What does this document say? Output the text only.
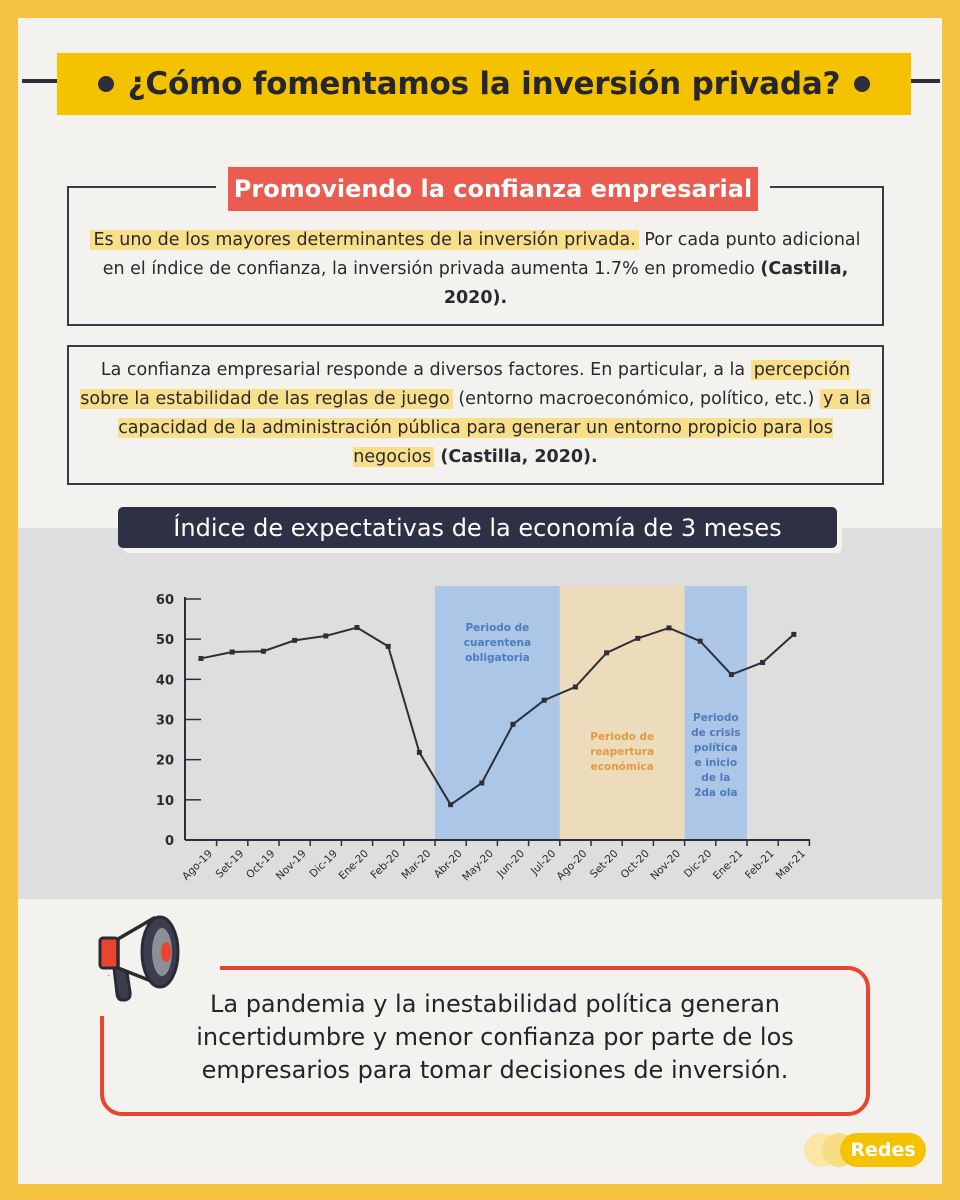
¿Cómo fomentamos la inversión privada?

Es uno de los mayores determinantes de la inversión privada. Por cada punto adicional en el índice de confianza, la inversión privada aumenta 1.7% en promedio (Castilla, 2020).

Promoviendo la confianza empresarial

La confianza empresarial responde a diversos factores. En particular, a la percepción sobre la estabilidad de las reglas de juego (entorno macroeconómico, político, etc.) y a la capacidad de la administración pública para generar un entorno propicio para los negocios (Castilla, 2020).

Periodo de
cuarentena
obligatoria
Periodo de
reapertura
económica
Periodo
de crisis
política
e inicio
de la
2da ola
0
10
20
30
40
50
60
Ago-19
Set-19
Oct-19
Nov-19
Dic-19
Ene-20
Feb-20
Mar-20
Abr-20
May-20
Jun-20 Jul-20
Ago-20
Set-20
Oct-20
Nov-20
Dic-20
Ene-21
Feb-21
Mar-21
Índice de expectativas de la economía de 3 meses

La pandemia y la inestabilidad política generan incertidumbre y menor confianza por parte de los empresarios para tomar decisiones de inversión.

Redes
